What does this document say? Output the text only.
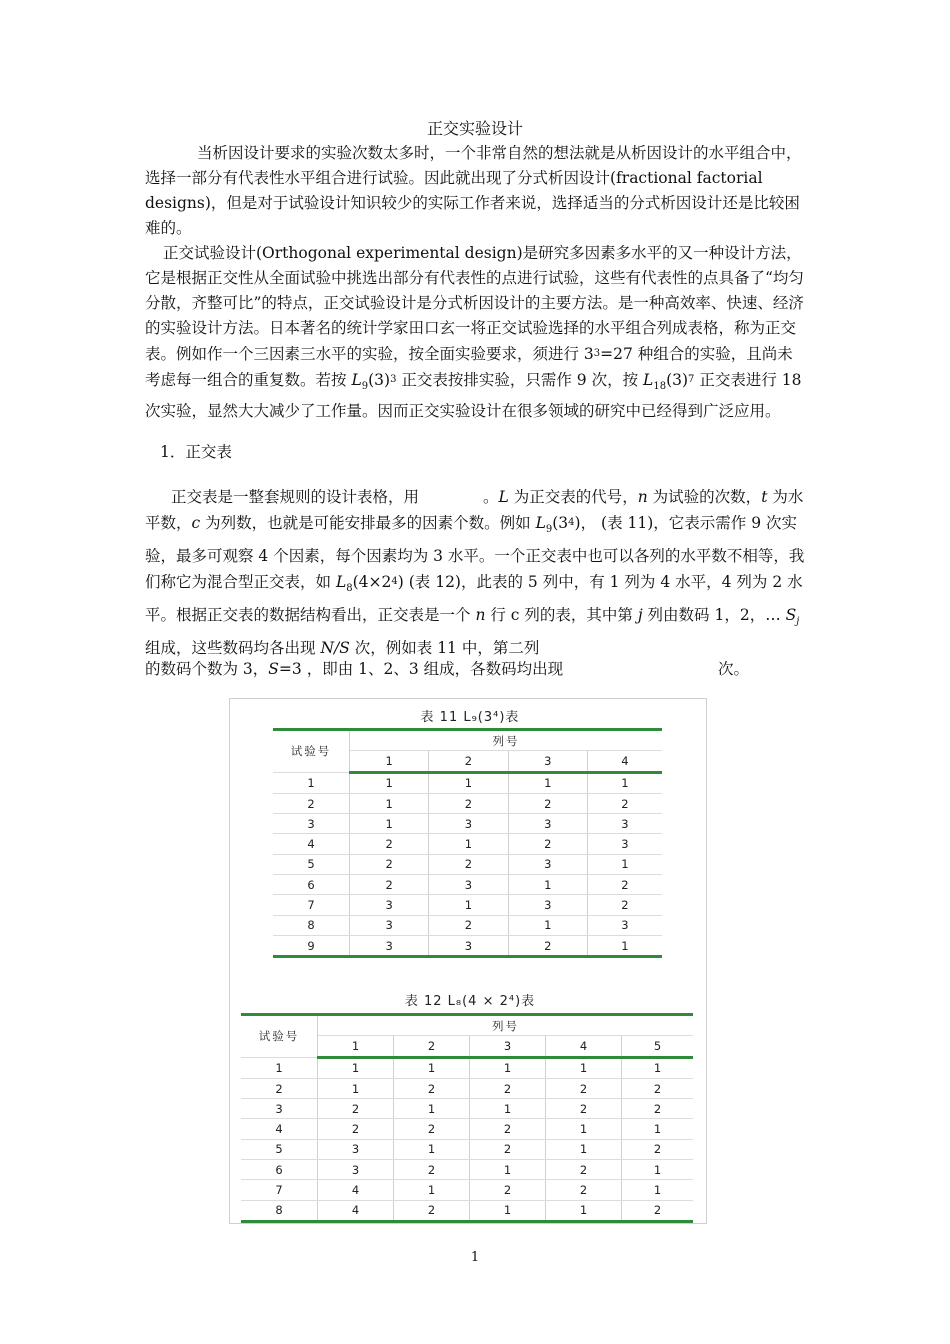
正交实验设计

当析因设计要求的实验次数太多时，一个非常自然的想法就是从析因设计的水平组合中，选择一部分有代表性水平组合进行试验。因此就出现了分式析因设计(fractional factorial designs)，但是对于试验设计知识较少的实际工作者来说，选择适当的分式析因设计还是比较困难的。

正交试验设计(Orthogonal experimental design)是研究多因素多水平的又一种设计方法，它是根据正交性从全面试验中挑选出部分有代表性的点进行试验，这些有代表性的点具备了“均匀分散，齐整可比”的特点，正交试验设计是分式析因设计的主要方法。是一种高效率、快速、经济的实验设计方法。日本著名的统计学家田口玄一将正交试验选择的水平组合列成表格，称为正交表。例如作一个三因素三水平的实验，按全面实验要求，须进行 $3^3=27$ 种组合的实验，且尚未考虑每一组合的重复数。若按 $L_9(3)^3$ 正交表按排实验，只需作 9 次，按 $L_{18}(3)^7$ 正交表进行 18 次实验，显然大大减少了工作量。因而正交实验设计在很多领域的研究中已经得到广泛应用。

1．正交表

正交表是一整套规则的设计表格，用	。L 为正交表的代号，n 为试验的次数，t 为水平数，c 为列数，也就是可能安排最多的因素个数。例如 $L_9(3^4)$， (表 11)，它表示需作 9 次实验，最多可观察 4 个因素，每个因素均为 3 水平。一个正交表中也可以各列的水平数不相等，我们称它为混合型正交表，如 $L_8(4\times 2^4)$ (表 12)，此表的 5 列中，有 1 列为 4 水平，4 列为 2 水平。根据正交表的数据结构看出，正交表是一个 n 行 c 列的表，其中第 j 列由数码 1，2，… $S_j$ 组成，这些数码均各出现 N/S 次，例如表 11 中，第二列

的数码个数为 3，S=3 ，即由 1、2、3 组成，各数码均出现	次。
表 11 L₉(3⁴)表
试验号	列号			
	1	2	3	4
1	1	1	1	1
2	1	2	2	2
3	1	3	3	3
4	2	1	2	3
5	2	2	3	1
6	2	3	1	2
7	3	1	3	2
8	3	2	1	3
9	3	3	2	1
表 12 L₈(4 × 2⁴)表
试验号	列号				
	1	2	3	4	5
1	1	1	1	1	1
2	1	2	2	2	2
3	2	1	1	2	2
4	2	2	2	1	1
5	3	1	2	1	2
6	3	2	1	2	1
7	4	1	2	2	1
8	4	2	1	1	2
1
